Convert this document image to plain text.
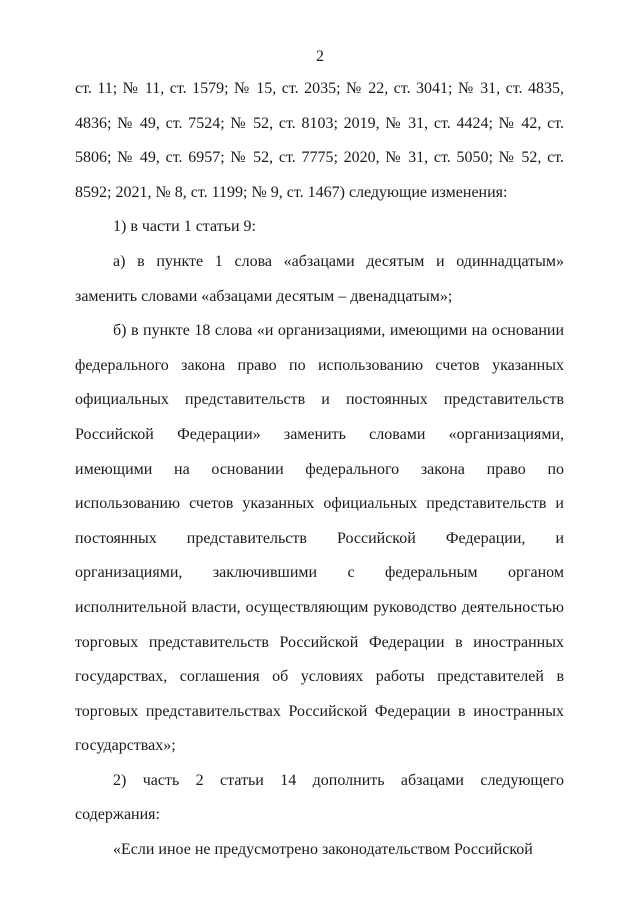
2

ст. 11; № 11, ст. 1579; № 15, ст. 2035; № 22, ст. 3041; № 31, ст. 4835, 4836; № 49, ст. 7524; № 52, ст. 8103; 2019, № 31, ст. 4424; № 42, ст. 5806; № 49, ст. 6957; № 52, ст. 7775; 2020, № 31, ст. 5050; № 52, ст. 8592; 2021, № 8, ст. 1199; № 9, ст. 1467) следующие изменения:

1) в части 1 статьи 9:

а) в пункте 1 слова «абзацами десятым и одиннадцатым» заменить словами «абзацами десятым – двенадцатым»;

б) в пункте 18 слова «и организациями, имеющими на основании федерального закона право по использованию счетов указанных официальных представительств и постоянных представительств Российской Федерации» заменить словами «организациями, имеющими на основании федерального закона право по использованию счетов указанных официальных представительств и постоянных представительств Российской Федерации, и организациями, заключившими с федеральным органом исполнительной власти, осуществляющим руководство деятельностью торговых представительств Российской Федерации в иностранных государствах, соглашения об условиях работы представителей в торговых представительствах Российской Федерации в иностранных государствах»;

2) часть 2 статьи 14 дополнить абзацами следующего содержания:

«Если иное не предусмотрено законодательством Российской
